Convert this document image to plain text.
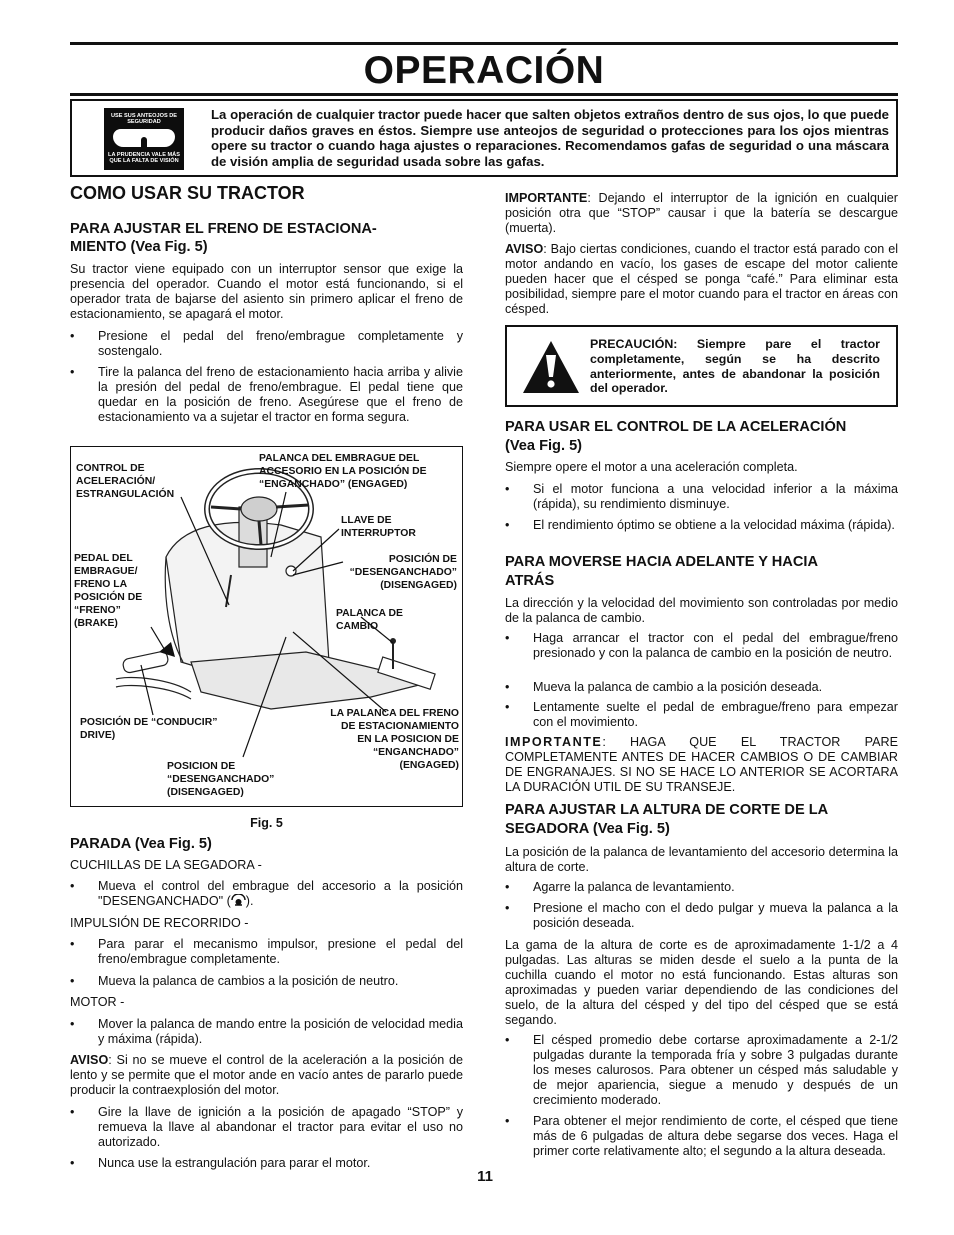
OPERACIÓN
USE SUS ANTEOJOS DE SEGURIDAD
LA PRUDENCIA VALE MÁS QUE LA FALTA DE VISIÓN
La operación de cualquier tractor puede hacer que salten objetos extraños dentro de sus ojos, lo que puede producir daños graves en éstos. Siempre use anteojos de seguridad o protecciones para los ojos mientras opere su tractor o cuando haga ajustes o reparaciones. Recomendamos gafas de seguridad o una máscara de visión amplia de seguridad usada sobre las gafas.
COMO USAR SU TRACTOR
PARA AJUSTAR EL FRENO DE ESTACIONA-
MIENTO (Vea Fig. 5)

Su tractor viene equipado con un interruptor sensor que exige la presencia del operador. Cuando el motor está funcionando, si el operador trata de bajarse del asiento sin primero aplicar el freno de estacionamiento, se apagará el motor.

• Presione el pedal del freno/embrague completamente y sostengalo.
• Tire la palanca del freno de estacionamiento hacia arriba y alivie la presión del pedal de freno/embrague. El pedal tiene que quedar en la posición de freno. Asegúrese que el freno de estacionamiento va a sujetar el tractor en forma segura.
CONTROL DE ACELERACIÓN/ ESTRANGULACIÓN
PALANCA DEL EMBRAGUE DEL ACCESORIO EN LA POSICIÓN DE “ENGANCHADO” (ENGAGED)
LLAVE DE INTERRUPTOR
PEDAL DEL EMBRAGUE/ FRENO LA POSICIÓN DE “FRENO” (BRAKE)
POSICIÓN DE “DESENGANCHADO” (DISENGAGED)
PALANCA DE CAMBIO
POSICIÓN DE “CONDUCIR” DRIVE)
LA PALANCA DEL FRENO DE ESTACIONAMIENTO EN LA POSICION DE “ENGANCHADO” (ENGAGED)
POSICION DE “DESENGANCHADO” (DISENGAGED)
Fig. 5
PARADA (Vea Fig. 5)
CUCHILLAS DE LA SEGADORA -
• Mueva el control del embrague del accesorio a la posición "DESENGANCHADO" ( ).
IMPULSIÓN DE RECORRIDO -
• Para parar el mecanismo impulsor, presione el pedal del freno/embrague completamente.
• Mueva la palanca de cambios a la posición de neutro.
MOTOR -
• Mover la palanca de mando entre la posición de velocidad media y máxima (rápida).

AVISO: Si no se mueve el control de la aceleración a la posición de lento y se permite que el motor ande en vacío antes de pararlo puede producir la contraexplosión del motor.

• Gire la llave de ignición a la posición de apagado “STOP” y remueva la llave al abandonar el tractor para evitar el uso no autorizado.
• Nunca use la estrangulación para parar el motor.

IMPORTANTE: Dejando el interruptor de la ignición en cualquier posición otra que “STOP” causar i que la batería se descargue (muerta).

AVISO: Bajo ciertas condiciones, cuando el tractor está parado con el motor andando en vacío, los gases de escape del motor caliente pueden hacer que el césped se ponga “café.” Para eliminar esta posibilidad, siempre pare el motor cuando para el tractor en áreas con césped.

PRECAUCIÓN: Siempre pare el tractor completamente, según se ha descrito anteriormente, antes de abandonar la posición del operador.
PARA USAR EL CONTROL DE LA ACELERACIÓN
(Vea Fig. 5)

Siempre opere el motor a una aceleración completa.

• Si el motor funciona a una velocidad inferior a la máxima (rápida), su rendimiento disminuye.
• El rendimiento óptimo se obtiene a la velocidad máxima (rápida).
PARA MOVERSE HACIA ADELANTE Y HACIA
ATRÁS

La dirección y la velocidad del movimiento son controladas por medio de la palanca de cambio.

• Haga arrancar el tractor con el pedal del embrague/freno presionado y con la palanca de cambio en la posición de neutro.
• Mueva la palanca de cambio a la posición deseada.
• Lentamente suelte el pedal de embrague/freno para empezar con el movimiento.

IMPORTANTE: HAGA QUE EL TRACTOR PARE COMPLETAMENTE ANTES DE HACER CAMBIOS O DE CAMBIAR DE ENGRANAJES. SI NO SE HACE LO ANTERIOR SE ACORTARA LA DURACIÓN UTIL DE SU TRANSEJE.

PARA AJUSTAR LA ALTURA DE CORTE DE LA
SEGADORA (Vea Fig. 5)

La posición de la palanca de levantamiento del accesorio determina la altura de corte.

• Agarre la palanca de levantamiento.
• Presione el macho con el dedo pulgar y mueva la palanca a la posición deseada.

La gama de la altura de corte es de aproximadamente 1-1/2 a 4 pulgadas. Las alturas se miden desde el suelo a la punta de la cuchilla cuando el motor no está funcionando. Estas alturas son aproximadas y pueden variar dependiendo de las condiciones del suelo, de la altura del césped y del tipo del césped que se está segando.

• El césped promedio debe cortarse aproximadamente a 2-1/2 pulgadas durante la temporada fría y sobre 3 pulgadas durante los meses calurosos. Para obtener un césped más saludable y de mejor apariencia, siegue a menudo y después de un crecimiento moderado.
• Para obtener el mejor rendimiento de corte, el césped que tiene más de 6 pulgadas de altura debe segarse dos veces. Haga el primer corte relativamente alto; el segundo a la altura deseada.
11
